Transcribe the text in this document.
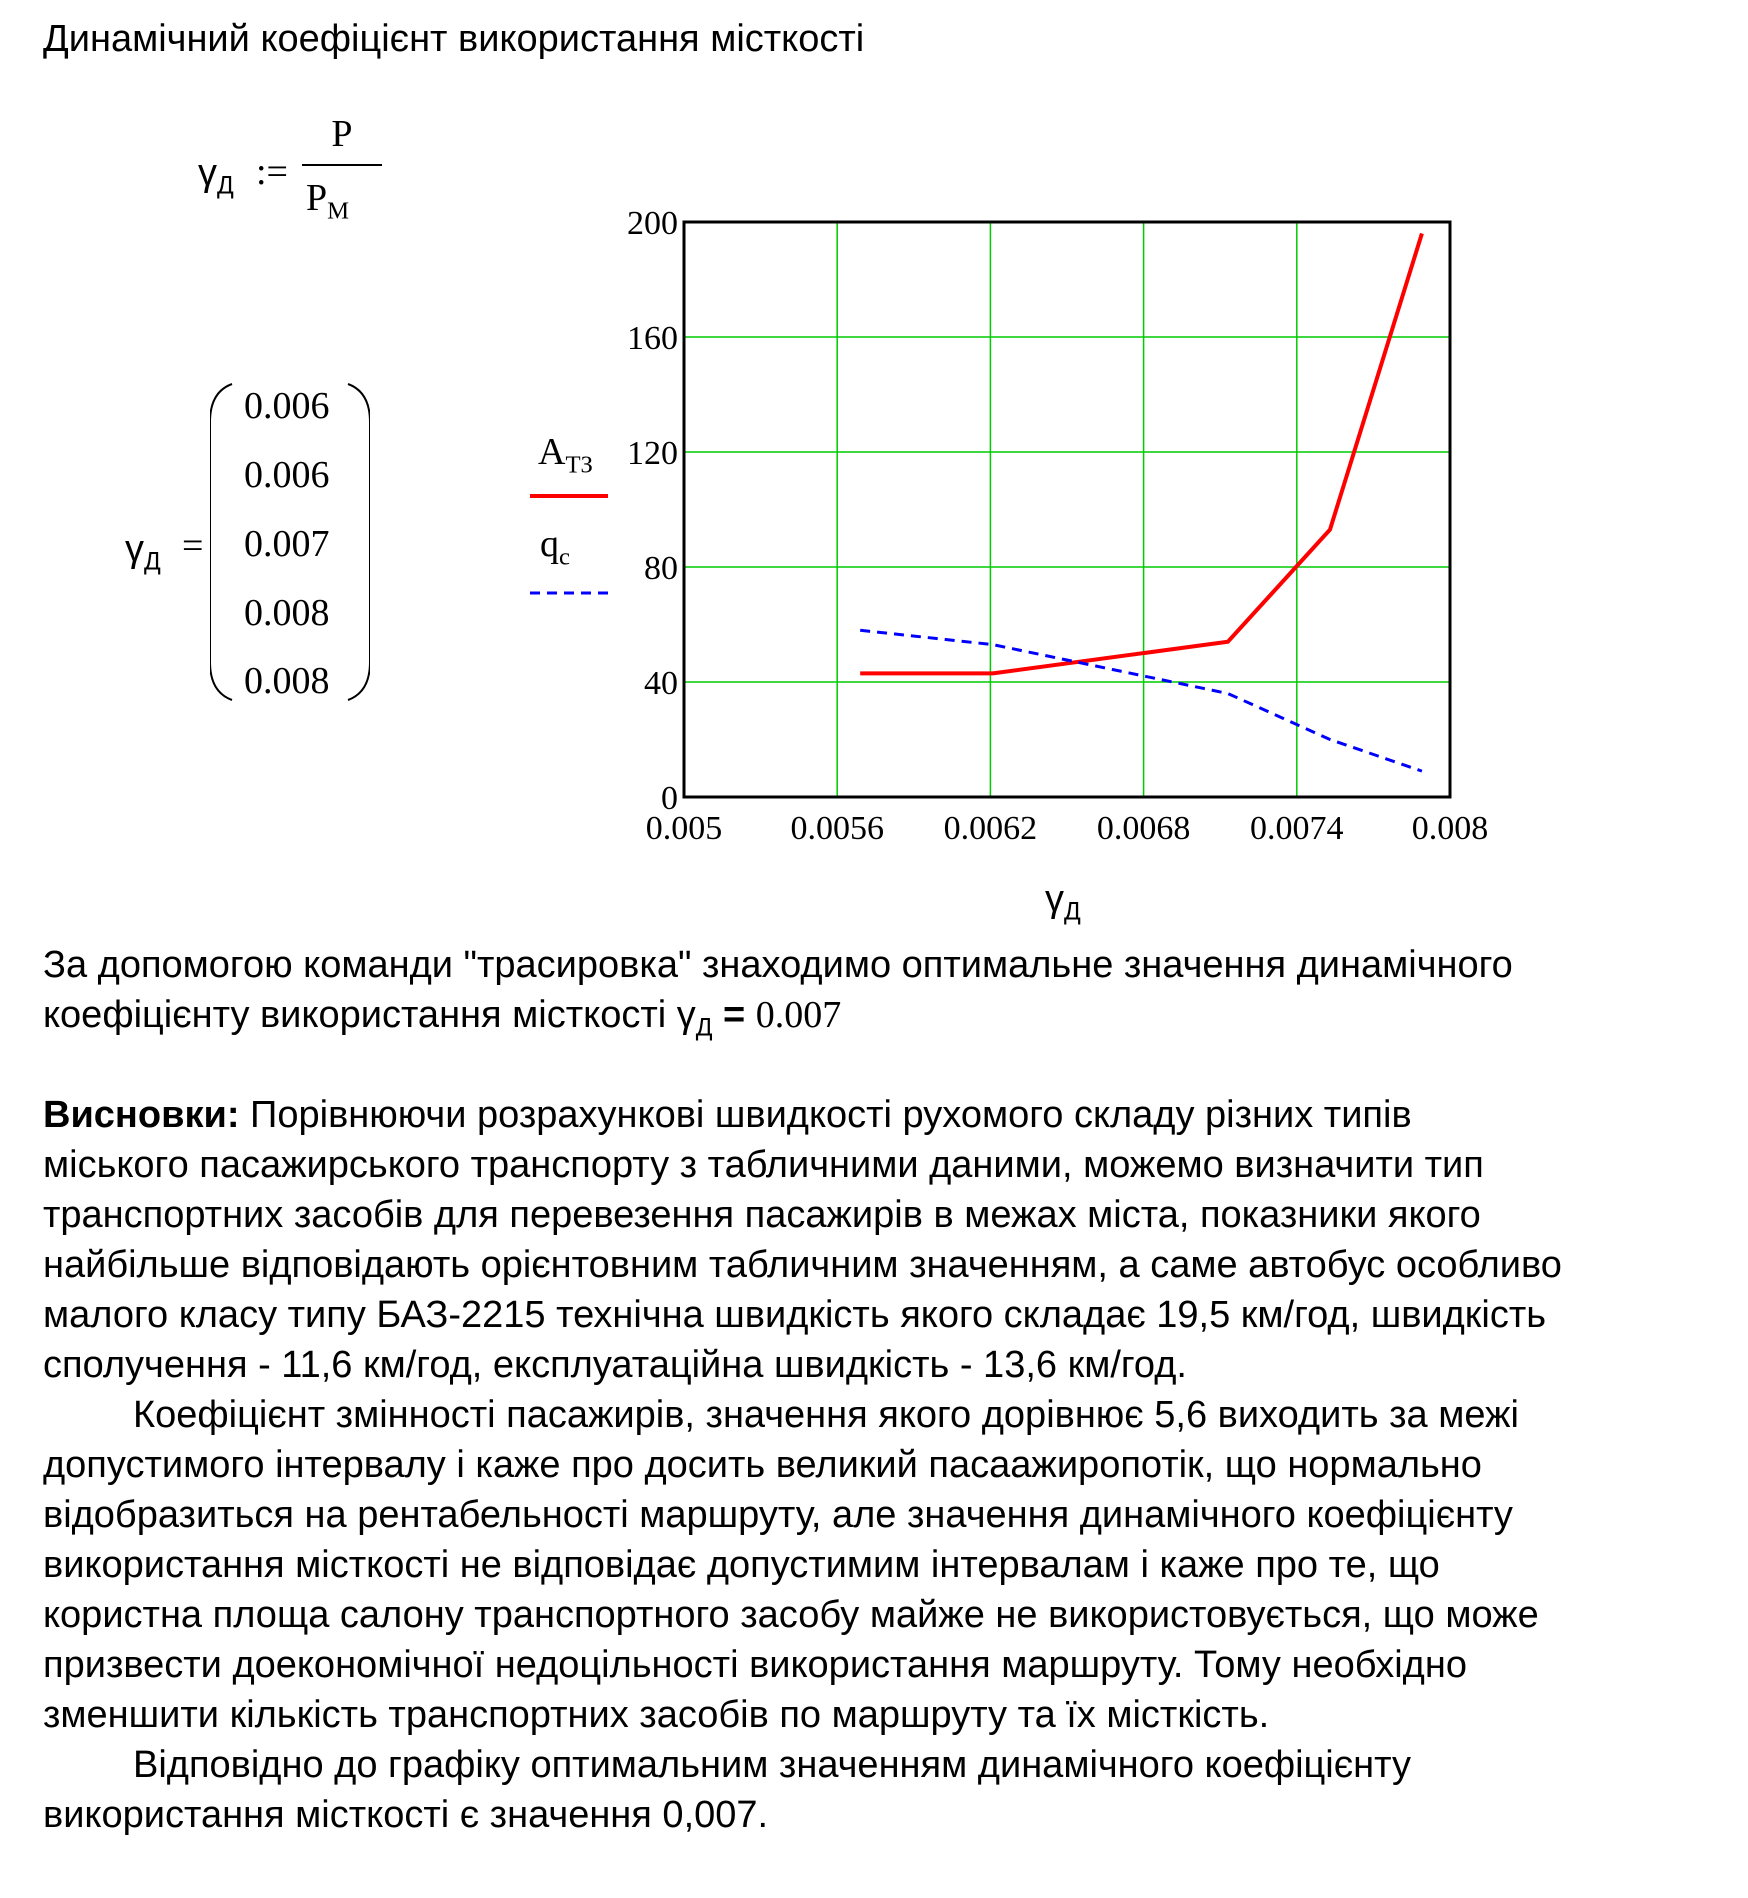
Динамічний коефіцієнт використання місткості
$\gamma_Д$ :=
P
$P_М$
$\gamma_Д$ =
0.006
0.006
0.007
0.008
0.008
$A_{ТЗ}$
$q_c$
0.005 0.0056 0.0062 0.0068 0.0074 0.008
0
40
80
120
160
200
$\gamma_Д$
За допомогою команди "трасировка" знаходимо оптимальне значення динамічного
коефіцієнту використання місткості $\gamma_Д = 0.007$
Висновки: Порівнюючи розрахункові швидкості рухомого складу різних типів
міського пасажирського транспорту з табличними даними, можемо визначити тип
транспортних засобів для перевезення пасажирів в межах міста, показники якого
найбільше відповідають орієнтовним табличним значенням, а саме автобус особливо
малого класу типу БАЗ-2215 технічна швидкість якого складає 19,5 км/год, швидкість
сполучення - 11,6 км/год, експлуатаційна швидкість - 13,6 км/год.
Коефіцієнт змінності пасажирів, значення якого дорівнює 5,6 виходить за межі
допустимого інтервалу і каже про досить великий пасаажиропотік, що нормально
відобразиться на рентабельності маршруту, але значення динамічного коефіцієнту
використання місткості не відповідає допустимим інтервалам і каже про те, що
користна площа салону транспортного засобу майже не використовується, що може
призвести доекономічної недоцільності використання маршруту. Тому необхідно
зменшити кількість транспортних засобів по маршруту та їх місткість.
Відповідно до графіку оптимальним значенням динамічного коефіцієнту
використання місткості є значення 0,007.
